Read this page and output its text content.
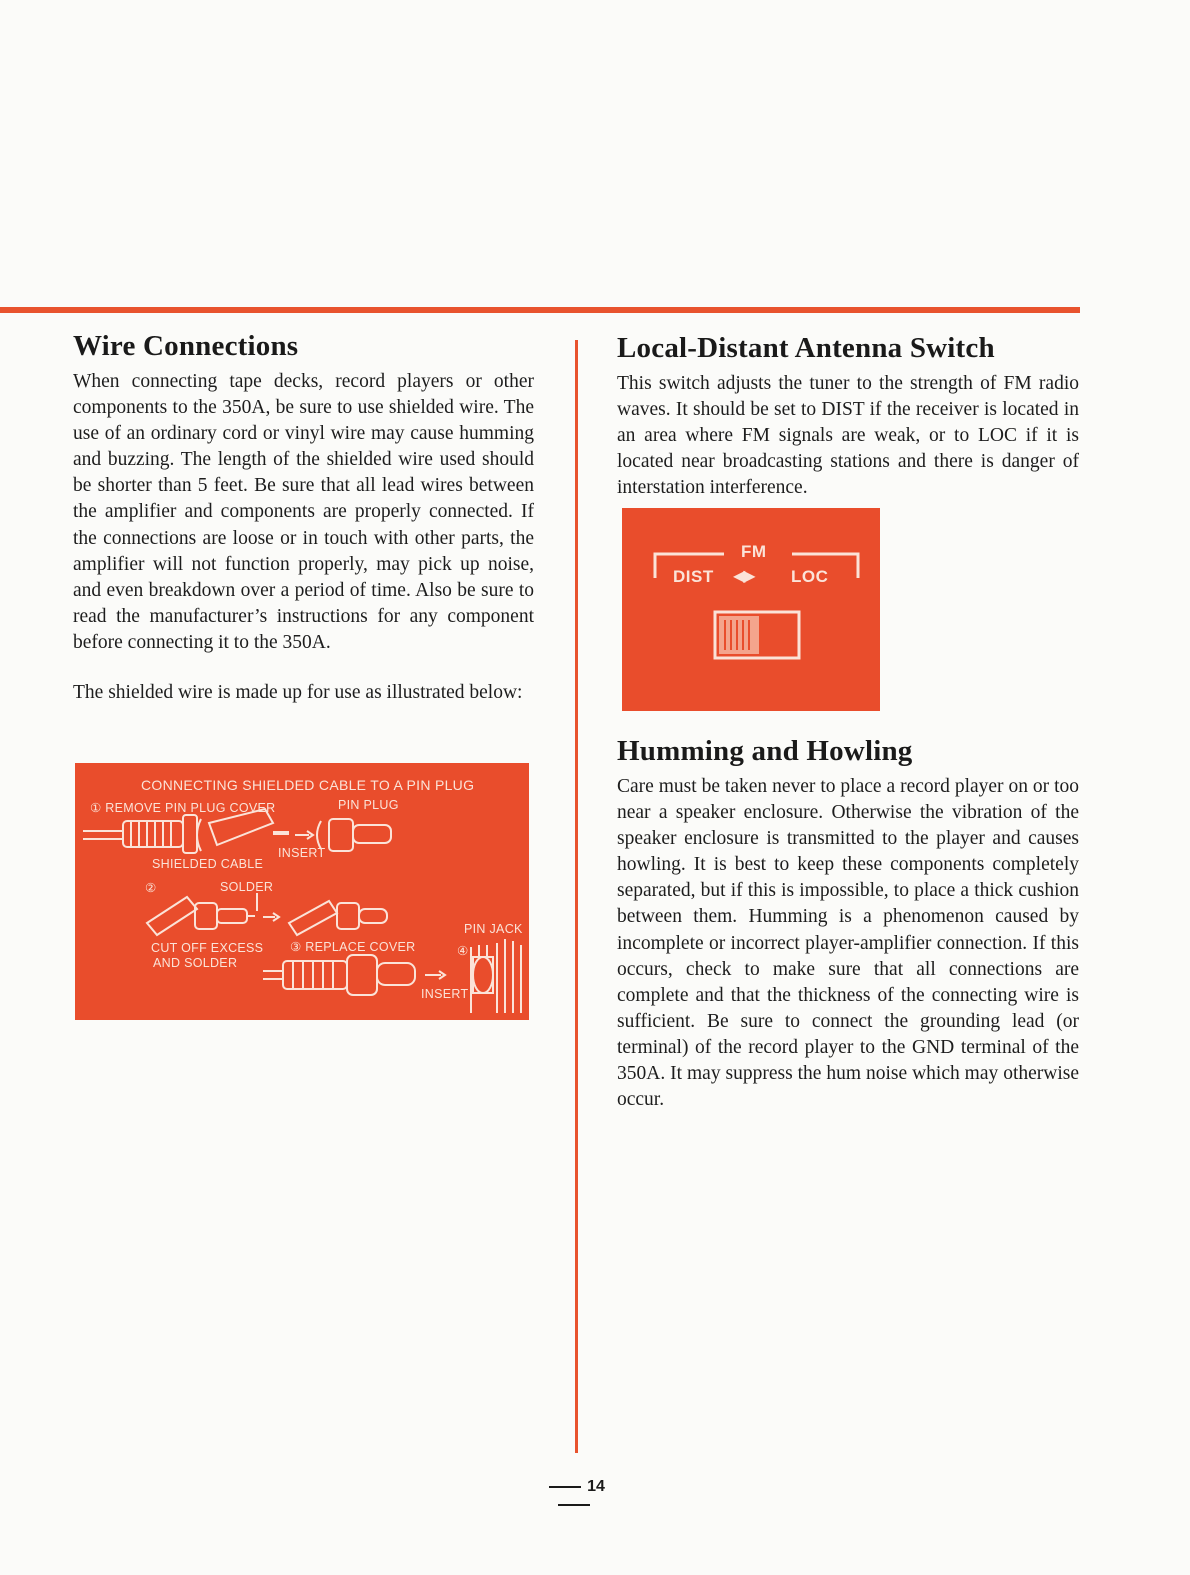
Wire Connections

When connecting tape decks, record players or other components to the 350A, be sure to use shielded wire. The use of an ordinary cord or vinyl wire may cause humming and buzzing. The length of the shielded wire used should be shorter than 5 feet. Be sure that all lead wires between the amplifier and components are properly connected. If the connections are loose or in touch with other parts, the amplifier will not function properly, may pick up noise, and even breakdown over a period of time. Also be sure to read the manufacturer’s instructions for any component before connecting it to the 350A.

The shielded wire is made up for use as illustrated below:

CONNECTING SHIELDED CABLE TO A PIN PLUG
① REMOVE PIN PLUG COVER	PIN PLUG
INSERT
SHIELDED CABLE
②	SOLDER
CUT OFF EXCESS
AND SOLDER
③ REPLACE COVER
PIN JACK
④
INSERT
Local-Distant Antenna Switch

This switch adjusts the tuner to the strength of FM radio waves. It should be set to DIST if the receiver is located in an area where FM signals are weak, or to LOC if it is located near broadcasting stations and there is danger of interstation interference.

FM
DIST ◀▶ LOC
Humming and Howling

Care must be taken never to place a record player on or too near a speaker enclosure. Otherwise the vibration of the speaker enclosure is transmitted to the player and causes howling. It is best to keep these components completely separated, but if this is impossible, to place a thick cushion between them. Humming is a phenomenon caused by incomplete or incorrect player-amplifier connection. If this occurs, check to make sure that all connections are complete and that the thickness of the connecting wire is sufficient. Be sure to connect the grounding lead (or terminal) of the record player to the GND terminal of the 350A. It may suppress the hum noise which may otherwise occur.

14
